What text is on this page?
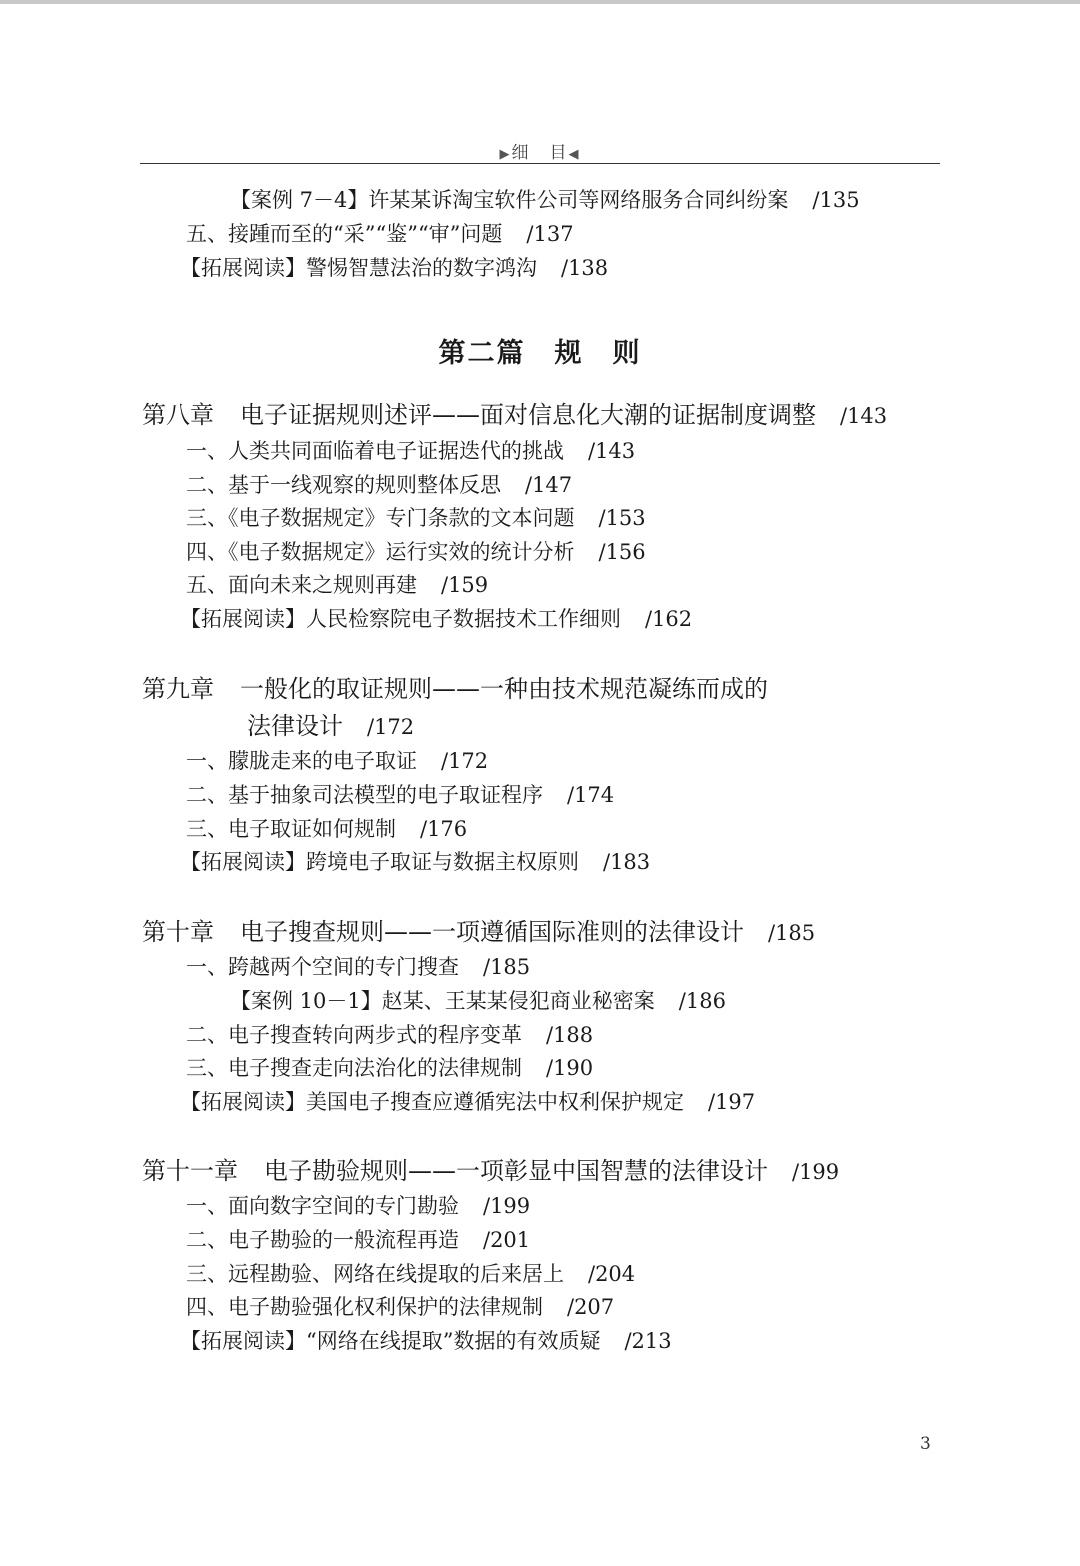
▶细　目◀
【案例 7－4】许某某诉淘宝软件公司等网络服务合同纠纷案 /135
五、接踵而至的“采”“鉴”“审”问题 /137
【拓展阅读】警惕智慧法治的数字鸿沟 /138
第二篇　规　则
第八章 电子证据规则述评——面对信息化大潮的证据制度调整 /143
一、人类共同面临着电子证据迭代的挑战 /143
二、基于一线观察的规则整体反思 /147
三、《电子数据规定》专门条款的文本问题 /153
四、《电子数据规定》运行实效的统计分析 /156
五、面向未来之规则再建 /159
【拓展阅读】人民检察院电子数据技术工作细则 /162
第九章 一般化的取证规则——一种由技术规范凝练而成的
法律设计 /172
一、朦胧走来的电子取证 /172
二、基于抽象司法模型的电子取证程序 /174
三、电子取证如何规制 /176
【拓展阅读】跨境电子取证与数据主权原则 /183
第十章 电子搜查规则——一项遵循国际准则的法律设计 /185
一、跨越两个空间的专门搜查 /185
【案例 10－1】赵某、王某某侵犯商业秘密案 /186
二、电子搜查转向两步式的程序变革 /188
三、电子搜查走向法治化的法律规制 /190
【拓展阅读】美国电子搜查应遵循宪法中权利保护规定 /197
第十一章 电子勘验规则——一项彰显中国智慧的法律设计 /199
一、面向数字空间的专门勘验 /199
二、电子勘验的一般流程再造 /201
三、远程勘验、网络在线提取的后来居上 /204
四、电子勘验强化权利保护的法律规制 /207
【拓展阅读】“网络在线提取”数据的有效质疑 /213
3
